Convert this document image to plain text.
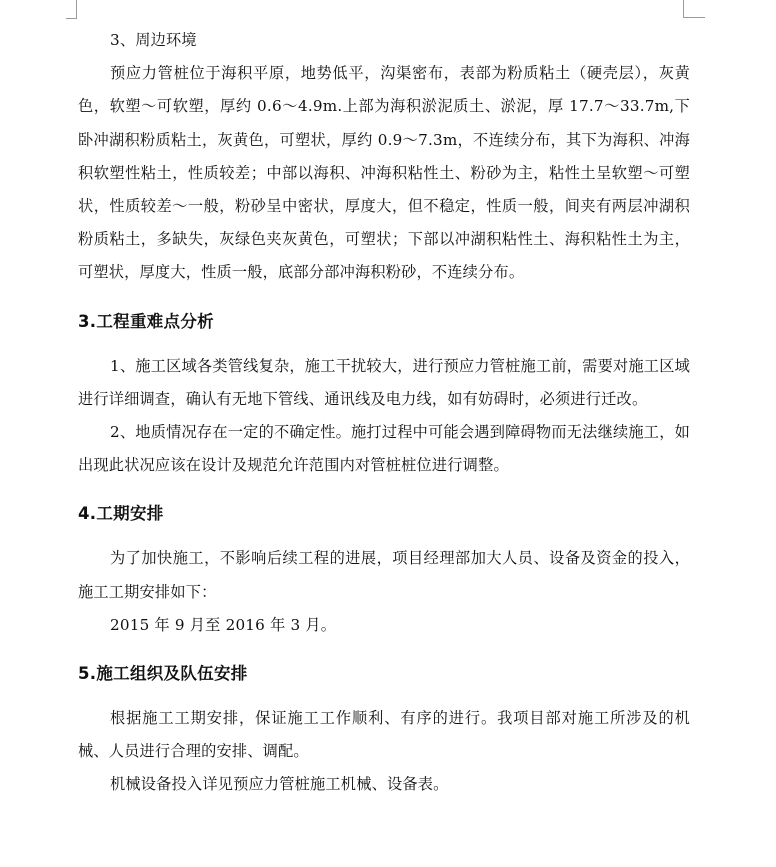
3、周边环境

预应力管桩位于海积平原，地势低平，沟渠密布，表部为粉质粘土（硬壳层），灰黄色，软塑～可软塑，厚约 0.6～4.9m.上部为海积淤泥质土、淤泥，厚 17.7～33.7m,下卧冲湖积粉质粘土，灰黄色，可塑状，厚约 0.9～7.3m，不连续分布，其下为海积、冲海积软塑性粘土，性质较差；中部以海积、冲海积粘性土、粉砂为主，粘性土呈软塑～可塑状，性质较差～一般，粉砂呈中密状，厚度大，但不稳定，性质一般，间夹有两层冲湖积粉质粘土，多缺失，灰绿色夹灰黄色，可塑状；下部以冲湖积粘性土、海积粘性土为主，可塑状，厚度大，性质一般，底部分部冲海积粉砂，不连续分布。

3.工程重难点分析

1、施工区域各类管线复杂，施工干扰较大，进行预应力管桩施工前，需要对施工区域进行详细调查，确认有无地下管线、通讯线及电力线，如有妨碍时，必须进行迁改。

2、地质情况存在一定的不确定性。施打过程中可能会遇到障碍物而无法继续施工，如出现此状况应该在设计及规范允许范围内对管桩桩位进行调整。

4.工期安排

为了加快施工，不影响后续工程的进展，项目经理部加大人员、设备及资金的投入，施工工期安排如下：

2015 年 9 月至 2016 年 3 月。

5.施工组织及队伍安排

根据施工工期安排，保证施工工作顺利、有序的进行。我项目部对施工所涉及的机械、人员进行合理的安排、调配。

机械设备投入详见预应力管桩施工机械、设备表。
